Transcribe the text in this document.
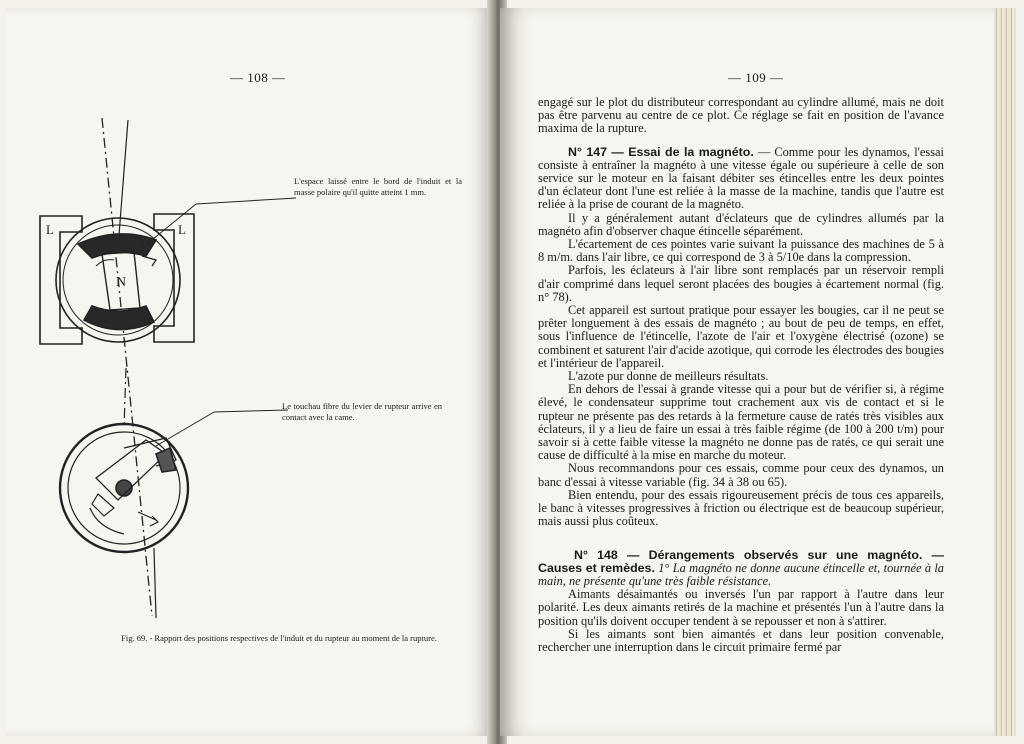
— 108 —
L	L
N
L'espace laissé entre le bord de l'induit et la masse polaire qu'il quitte atteint 1 mm.
Le touchau fibre du levier de rupteur arrive en contact avec la came.
Fig. 69. - Rapport des positions respectives de l'induit et du rupteur au moment de la rupture.
— 109 —

engagé sur le plot du distributeur correspondant au cylindre allumé, mais ne doit pas être parvenu au centre de ce plot. Ce réglage se fait en position de l'avance maxima de la rupture.

N° 147 — Essai de la magnéto. — Comme pour les dynamos, l'essai consiste à entraîner la magnéto à une vitesse égale ou supérieure à celle de son service sur le moteur en la faisant débiter ses étincelles entre les deux pointes d'un éclateur dont l'une est reliée à la masse de la machine, tandis que l'autre est reliée à la prise de courant de la magnéto.

Il y a généralement autant d'éclateurs que de cylindres allumés par la magnéto afin d'observer chaque étincelle séparément.

L'écartement de ces pointes varie suivant la puissance des machines de 5 à 8 m/m. dans l'air libre, ce qui correspond de 3 à 5/10e dans la compression.

Parfois, les éclateurs à l'air libre sont remplacés par un réservoir rempli d'air comprimé dans lequel seront placées des bougies à écartement normal (fig. n° 78).

Cet appareil est surtout pratique pour essayer les bougies, car il ne peut se prêter longuement à des essais de magnéto ; au bout de peu de temps, en effet, sous l'influence de l'étincelle, l'azote de l'air et l'oxygène électrisé (ozone) se combinent et saturent l'air d'acide azotique, qui corrode les électrodes des bougies et l'intérieur de l'appareil.

L'azote pur donne de meilleurs résultats.

En dehors de l'essai à grande vitesse qui a pour but de vérifier si, à régime élevé, le condensateur supprime tout crachement aux vis de contact et si le rupteur ne présente pas des retards à la fermeture cause de ratés très visibles aux éclateurs, il y a lieu de faire un essai à très faible régime (de 100 à 200 t/m) pour savoir si à cette faible vitesse la magnéto ne donne pas de ratés, ce qui serait une cause de difficulté à la mise en marche du moteur.

Nous recommandons pour ces essais, comme pour ceux des dynamos, un banc d'essai à vitesse variable (fig. 34 à 38 ou 65).

Bien entendu, pour des essais rigoureusement précis de tous ces appareils, le banc à vitesses progressives à friction ou électrique est de beaucoup supérieur, mais aussi plus coûteux.

N° 148 — Dérangements observés sur une magnéto. — Causes et remèdes. 1° La magnéto ne donne aucune étincelle et, tournée à la main, ne présente qu'une très faible résistance.

Aimants désaimantés ou inversés l'un par rapport à l'autre dans leur polarité. Les deux aimants retirés de la machine et présentés l'un à l'autre dans la position qu'ils doivent occuper tendent à se repousser et non à s'attirer.

Si les aimants sont bien aimantés et dans leur position convenable, rechercher une interruption dans le circuit primaire fermé par
